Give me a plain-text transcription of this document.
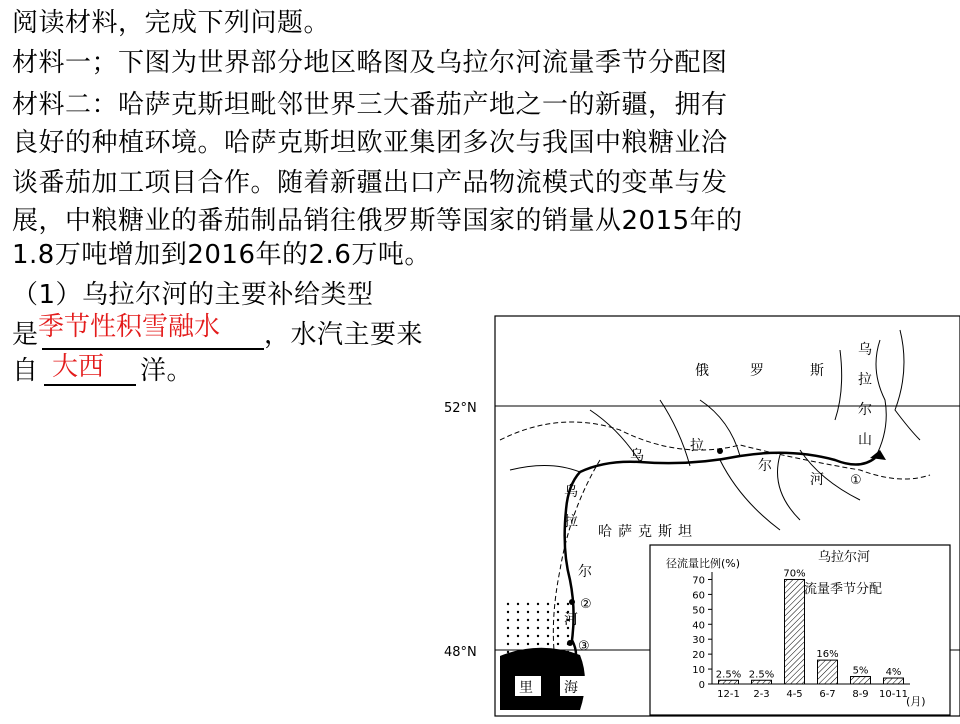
阅读材料，完成下列问题。
材料一；下图为世界部分地区略图及乌拉尔河流量季节分配图
材料二：哈萨克斯坦毗邻世界三大番茄产地之一的新疆，拥有
良好的种植环境。哈萨克斯坦欧亚集团多次与我国中粮糖业洽
谈番茄加工项目合作。随着新疆出口产品物流模式的变革与发
展，中粮糖业的番茄制品销往俄罗斯等国家的销量从2015年的
1.8万吨增加到2016年的2.6万吨。
（1）乌拉尔河的主要补给类型
是 季节性积雪融水 ，水汽主要来
自 大西 洋。
52°N
48°N
里 海
俄	罗	斯
乌
拉
尔
山
乌
拉
尔
河 ①
乌
拉
尔
河
②
③
哈萨克斯坦
乌拉尔河
流量季节分配
径流量比例(%)
(月)
0
10
20
30
40
50
60
70
2.5%
12-1
2.5%
2-3
70%
4-5
16%
6-7
5%
8-9
4%
10-11
